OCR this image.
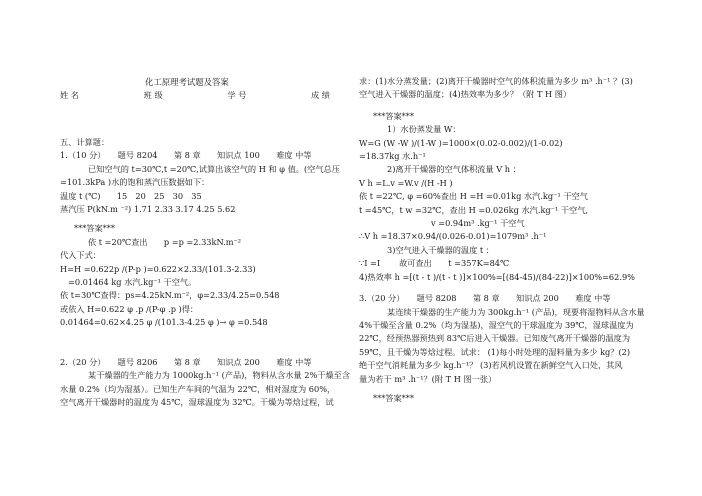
化工原理考试题及答案
姓 名	班 级	学 号	成 绩
五、计算题：
1.（10 分）　　题号 8204　　第 8 章　　知识点 100　　难度 中等
已知空气的 t=30℃,t =20℃,试算出该空气的 H 和 φ 值。(空气总压
=101.3kPa )水的饱和蒸汽压数据如下：
温度 t (℃)　　 15　20　25　30　35
蒸汽压 P(kN.m ⁻²) 1.71 2.33 3.17 4.25 5.62
***答案***
依 t =20℃查出　　p =p =2.33kN.m⁻²
代入下式：
H=H =0.622p /(P-p )=0.622×2.33/(101.3-2.33)
=0.01464 kg 水汽.kg⁻¹ 干空气。
依 t=30℃查得：ps=4.25kN.m⁻²，φ=2.33/4.25=0.548
或依入 H=0.622 φ .p /(P-φ .p )得：
0.01464=0.62×4.25 φ /(101.3-4.25 φ )→ φ =0.548
2.（20 分）　　题号 8206　　第 8 章　　知识点 200　　难度 中等
某干燥器的生产能力为 1000kg.h⁻¹ (产品)，物料从含水量 2%干燥至含
水量 0.2%（均为湿基）。已知生产车间的气温为 22℃，相对湿度为 60%，
空气离开干燥器时的温度为 45℃，湿球温度为 32℃。干燥为等焓过程，试
求：(1)水分蒸发量；(2)离开干燥器时空气的体积流量为多少 m³ .h⁻¹ ？(3)
空气进入干燥器的温度；(4)热效率为多少？（附 T H 图）
***答案***
1）水份蒸发量 W：
W=G (W -W )/(1-W )=1000×(0.02-0.002)/(1-0.02)
=18.37kg 水.h⁻¹
2)离开干燥器的空气体积流量 V h ：
V h =L.v =W.v /(H -H )
依 t =22℃, φ =60%查出 H =H =0.01kg 水汽.kg⁻¹ 干空气
t =45℃，t w =32℃，查出 H =0.026kg 水汽.kg⁻¹ 干空气,
v =0.94m³ .kg⁻¹ 干空气
∴V h =18.37×0.94/(0.026-0.01)=1079m³ .h⁻¹
3)空气进入干燥器的温度 t ：
∵I =I 　　故可查出　　t =357K=84℃
4)热效率 h =[(t - t )/(t - t )]×100%=[(84-45)/(84-22)]×100%=62.9%
3.（20 分）　　题号 8208　　第 8 章　　知识点 200　　难度 中等
某连续干燥器的生产能力为 300kg.h⁻¹ (产品)，现要将湿物料从含水量
4%干燥至含量 0.2%（均为湿基)，湿空气的干球温度为 39℃，湿球温度为
22℃，经预热器预热到 83℃后进入干燥器。已知废气离开干燥器的温度为
59℃，且干燥为等焓过程。试求： (1)每小时处理的湿料量为多少 kg？(2)
绝干空气消耗量为多少 kg.h⁻¹？ (3)若风机设置在新鲜空气入口处，其风
量为若干 m³ .h⁻¹？(附 T H 图一张）
***答案***
